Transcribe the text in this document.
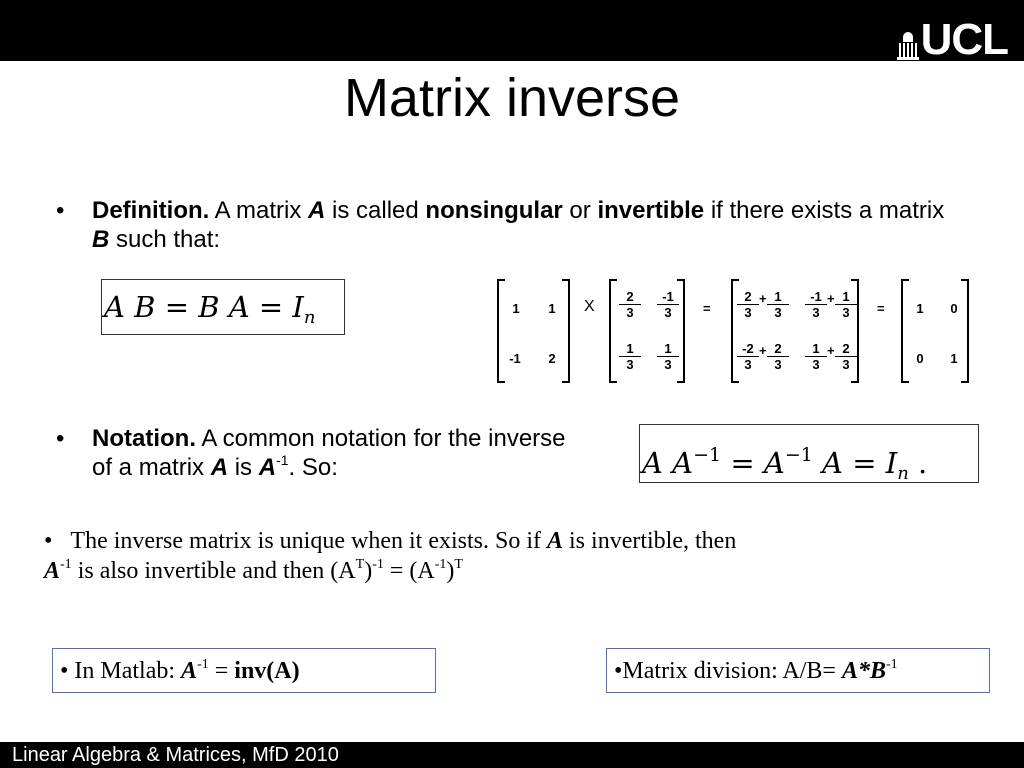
UCL
Matrix inverse
• Definition. A matrix A is called nonsingular or invertible if there exists a matrix B such that:
A B = B $A = I_n$	1 1
-1	2
X $\frac{2}{3} \frac{-1}{3}$
$\frac{1}{3} \frac{1}{3}$
= $\frac{2}{3} + \frac{1}{3} \frac{-1}{3} + \frac{1}{3}$
$\frac{-2}{3} + \frac{2}{3} \frac{1}{3} + \frac{2}{3}$
= 1 0
0 1
• Notation. A common notation for the inverse of a matrix A is $A^{-1}$. So:	A $A^{-1} = A^{-1}$ $A = I_n$ .
• The inverse matrix is unique when it exists. So if A is invertible, then
$A^{-1}$ is also invertible and then $(A^T)^{-1} = (A^{-1})^T$
• In Matlab: $A^{-1} = inv(A)$	•Matrix division: $A/B= A*B^{-1}$
Linear Algebra & Matrices, MfD 2010
